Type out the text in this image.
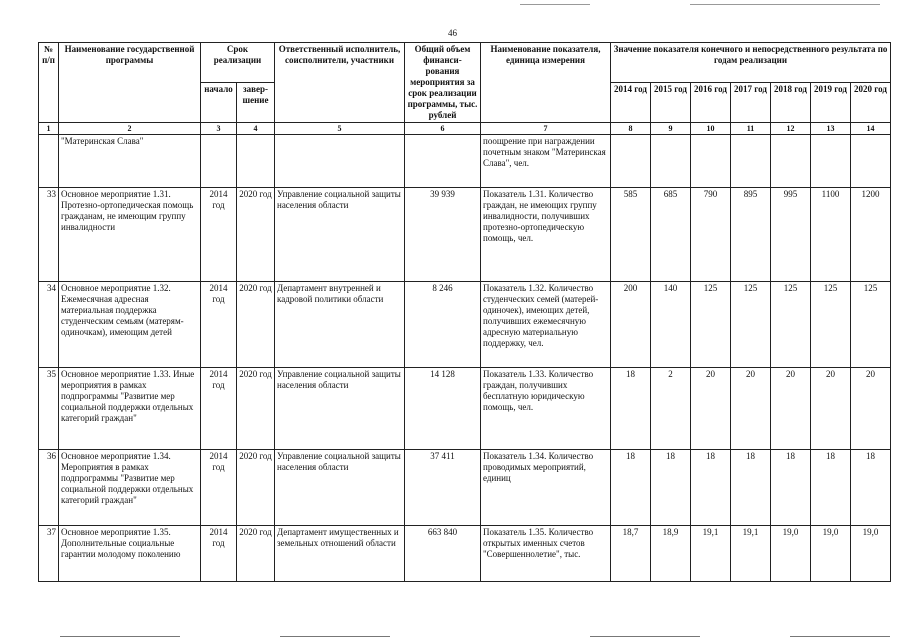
46
№ п/п	Наименование государственной программы	Срок реализации		Ответственный исполнитель, соисполнители, участники	Общий объем финанси-рования мероприятия за срок реализации программы, тыс. рублей	Наименование показателя, единица измерения	Значение показателя конечного и непосредственного результата по годам реализации						
		начало	завер-шение				2014 год	2015 год	2016 год	2017 год	2018 год	2019 год	2020 год
1	2	3	4	5	6	7	8	9	10	11	12	13	14
	"Материнская Слава"					поощрение при награждении почетным знаком "Материнская Слава", чел.							
33	Основное мероприятие 1.31. Протезно-ортопедическая помощь гражданам, не имеющим группу инвалидности	2014 год	2020 год	Управление социальной защиты населения области	39 939	Показатель 1.31. Количество граждан, не имеющих группу инвалидности, получивших протезно-ортопедическую помощь, чел.	585	685	790	895	995	1100	1200
34	Основное мероприятие 1.32. Ежемесячная адресная материальная поддержка студенческим семьям (матерям-одиночкам), имеющим детей	2014 год	2020 год	Департамент внутренней и кадровой политики области	8 246	Показатель 1.32. Количество студенческих семей (матерей-одиночек), имеющих детей, получивших ежемесячную адресную материальную поддержку, чел.	200	140	125	125	125	125	125
35	Основное мероприятие 1.33. Иные мероприятия в рамках подпрограммы "Развитие мер социальной поддержки отдельных категорий граждан"	2014 год	2020 год	Управление социальной защиты населения области	14 128	Показатель 1.33. Количество граждан, получивших бесплатную юридическую помощь, чел.	18	2	20	20	20	20	20
36	Основное мероприятие 1.34. Мероприятия в рамках подпрограммы "Развитие мер социальной поддержки отдельных категорий граждан"	2014 год	2020 год	Управление социальной защиты населения области	37 411	Показатель 1.34. Количество проводимых мероприятий, единиц	18	18	18	18	18	18	18
37	Основное мероприятие 1.35. Дополнительные социальные гарантии молодому поколению	2014 год	2020 год	Департамент имущественных и земельных отношений области	663 840	Показатель 1.35. Количество открытых именных счетов "Совершеннолетие", тыс.	18,7	18,9	19,1	19,1	19,0	19,0	19,0
